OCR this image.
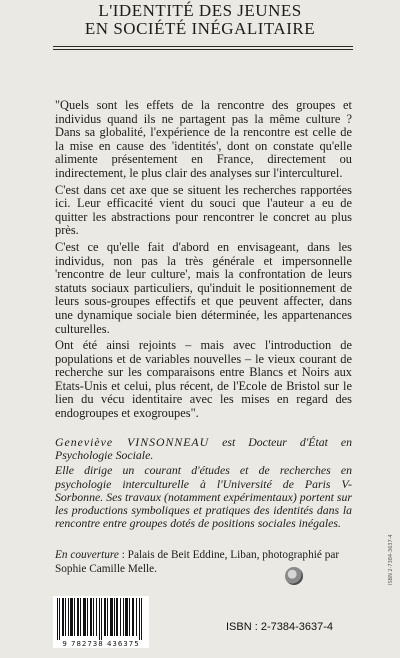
L'IDENTITÉ DES JEUNES
EN SOCIÉTÉ INÉGALITAIRE

"Quels sont les effets de la rencontre des groupes et individus quand ils ne partagent pas la même culture ? Dans sa globalité, l'expérience de la rencontre est celle de la mise en cause des 'identités', dont on constate qu'elle alimente présentement en France, directement ou indirectement, le plus clair des analyses sur l'interculturel.

C'est dans cet axe que se situent les recherches rapportées ici. Leur efficacité vient du souci que l'auteur a eu de quitter les abstractions pour rencontrer le concret au plus près.

C'est ce qu'elle fait d'abord en envisageant, dans les individus, non pas la très générale et impersonnelle 'rencontre de leur culture', mais la confrontation de leurs statuts sociaux particuliers, qu'induit le positionnement de leurs sous-groupes effectifs et que peuvent affecter, dans une dynamique sociale bien déterminée, les appartenances culturelles.

Ont été ainsi rejoints – mais avec l'introduction de populations et de variables nouvelles – le vieux courant de recherche sur les comparaisons entre Blancs et Noirs aux Etats-Unis et celui, plus récent, de l'Ecole de Bristol sur le lien du vécu identitaire avec les mises en regard des endogroupes et exogroupes".

Geneviève VINSONNEAU est Docteur d'État en Psychologie Sociale.

Elle dirige un courant d'études et de recherches en psychologie interculturelle à l'Université de Paris V- Sorbonne. Ses travaux (notamment expérimentaux) portent sur les productions symboliques et pratiques des identités dans la rencontre entre groupes dotés de positions sociales inégales.

En couverture : Palais de Beit Eddine, Liban, photographié par Sophie Camille Melle.	ISBN 2-7384-3637-4
9 782738 436375
ISBN : 2-7384-3637-4
